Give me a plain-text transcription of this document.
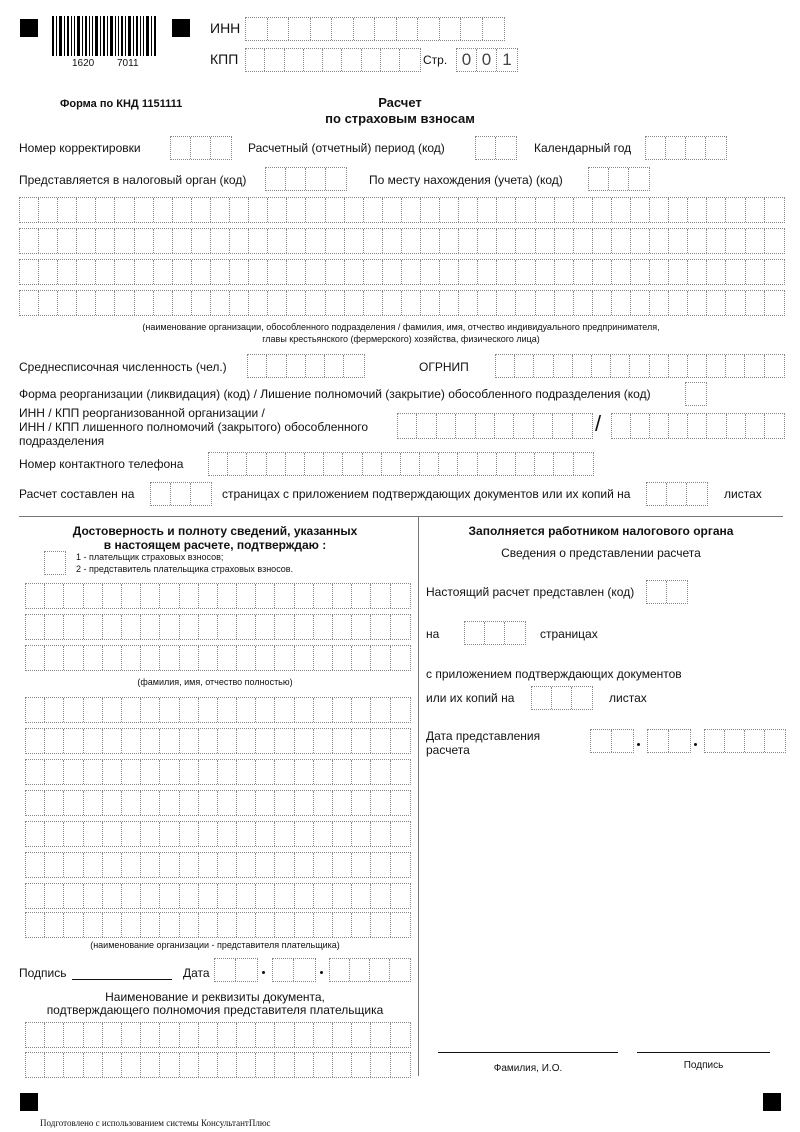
1620 7011
ИНН
КПП	Стр. 0 0 1
Форма по КНД 1151111	Расчет
по страховым взносам
Номер корректировки	Расчетный (отчетный) период (код)	Календарный год
Представляется в налоговый орган (код)	По месту нахождения (учета) (код)
(наименование организации, обособленного подразделения / фамилия, имя, отчество индивидуального предпринимателя,
главы крестьянского (фермерского) хозяйства, физического лица)
Среднесписочная численность (чел.)	ОГРНИП
Форма реорганизации (ликвидация) (код) / Лишение полномочий (закрытие) обособленного подразделения (код)
ИНН / КПП реорганизованной организации /
ИНН / КПП лишенного полномочий (закрытого) обособленного
подразделения
/
Номер контактного телефона
Расчет составлен на	страницах с приложением подтверждающих документов или их копий на	листах
Достоверность и полноту сведений, указанных
в настоящем расчете, подтверждаю :
1 - плательщик страховых взносов;
2 - представитель плательщика страховых взносов.
(фамилия, имя, отчество полностью)
(наименование организации - представителя плательщика)
Подпись	Дата
Наименование и реквизиты документа,
подтверждающего полномочия представителя плательщика
Заполняется работником налогового органа
Сведения о представлении расчета
Настоящий расчет представлен (код)
на	страницах
с приложением подтверждающих документов
или их копий на	листах
Дата представления
расчета
Фамилия, И.О.	Подпись
Подготовлено с использованием системы КонсультантПлюс
